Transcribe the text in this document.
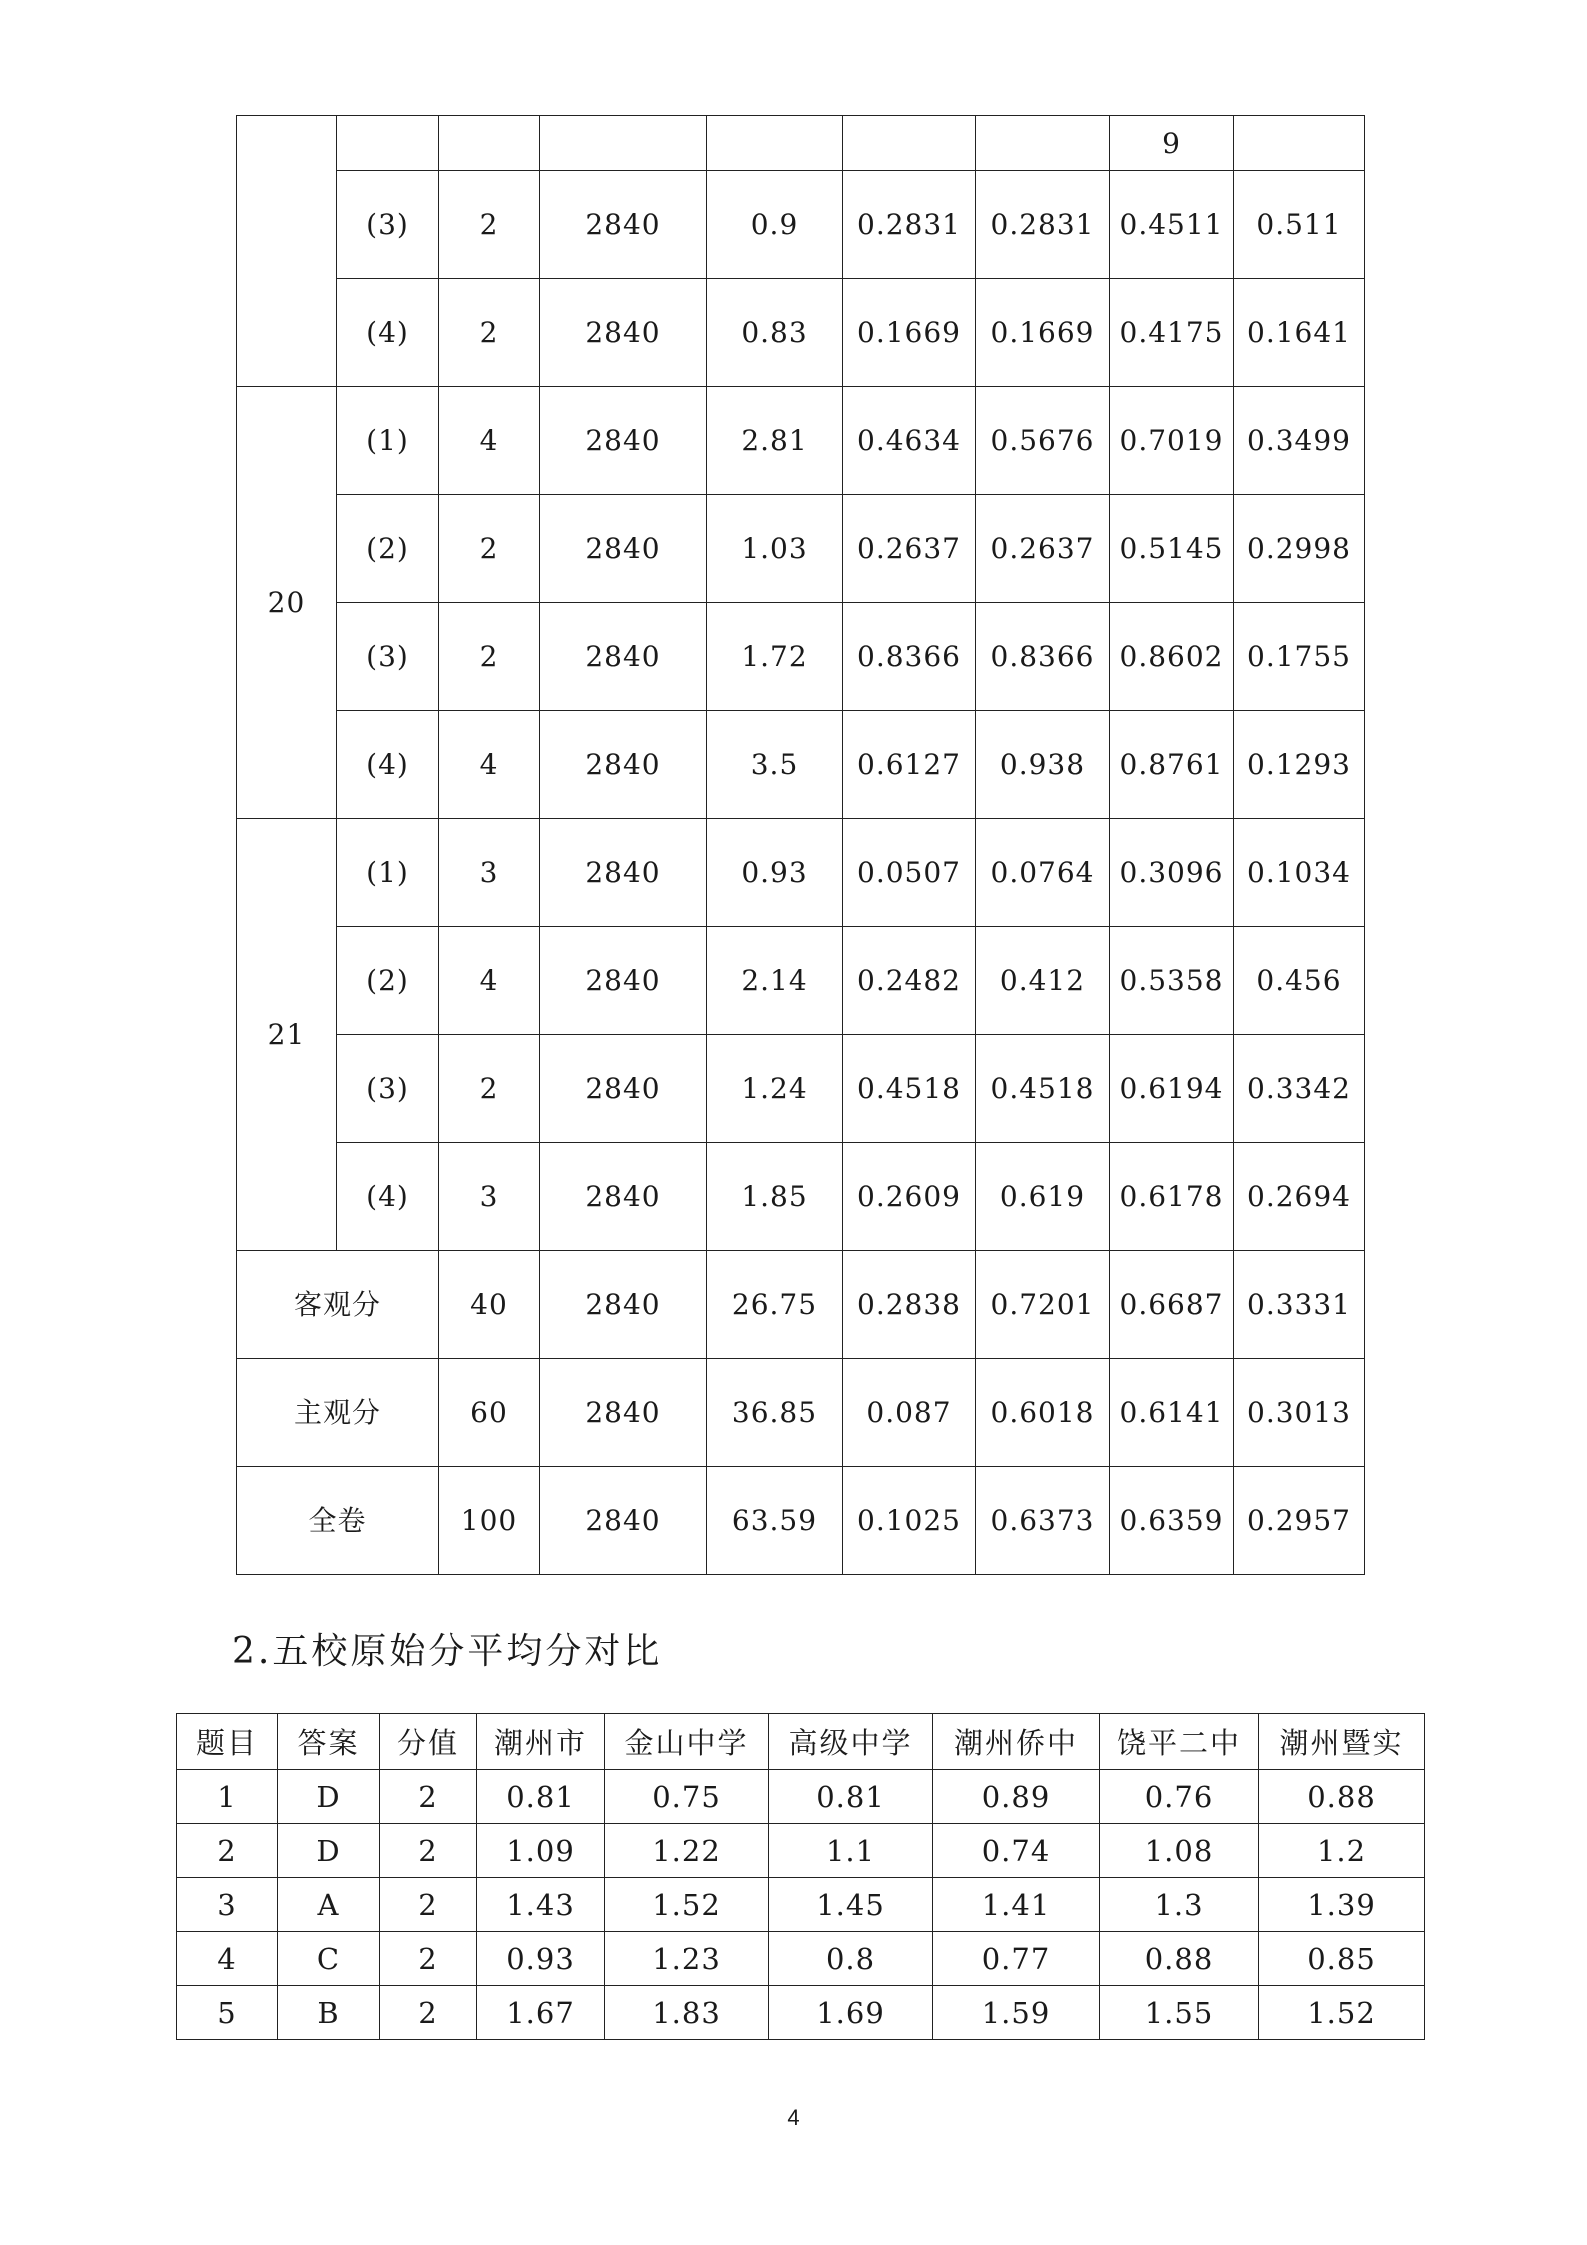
							9	
	(3)	2	2840	0.9	0.2831	0.2831	0.4511	0.511
	(4)	2	2840	0.83	0.1669	0.1669	0.4175	0.1641
20	(1)	4	2840	2.81	0.4634	0.5676	0.7019	0.3499
	(2)	2	2840	1.03	0.2637	0.2637	0.5145	0.2998
	(3)	2	2840	1.72	0.8366	0.8366	0.8602	0.1755
	(4)	4	2840	3.5	0.6127	0.938	0.8761	0.1293
21	(1)	3	2840	0.93	0.0507	0.0764	0.3096	0.1034
	(2)	4	2840	2.14	0.2482	0.412	0.5358	0.456
	(3)	2	2840	1.24	0.4518	0.4518	0.6194	0.3342
	(4)	3	2840	1.85	0.2609	0.619	0.6178	0.2694
客观分		40	2840	26.75	0.2838	0.7201	0.6687	0.3331
主观分		60	2840	36.85	0.087	0.6018	0.6141	0.3013
全卷		100	2840	63.59	0.1025	0.6373	0.6359	0.2957
2.五校原始分平均分对比
题目	答案	分值	潮州市	金山中学	高级中学	潮州侨中	饶平二中	潮州暨实
1	D	2	0.81	0.75	0.81	0.89	0.76	0.88
2	D	2	1.09	1.22	1.1	0.74	1.08	1.2
3	A	2	1.43	1.52	1.45	1.41	1.3	1.39
4	C	2	0.93	1.23	0.8	0.77	0.88	0.85
5	B	2	1.67	1.83	1.69	1.59	1.55	1.52
4
